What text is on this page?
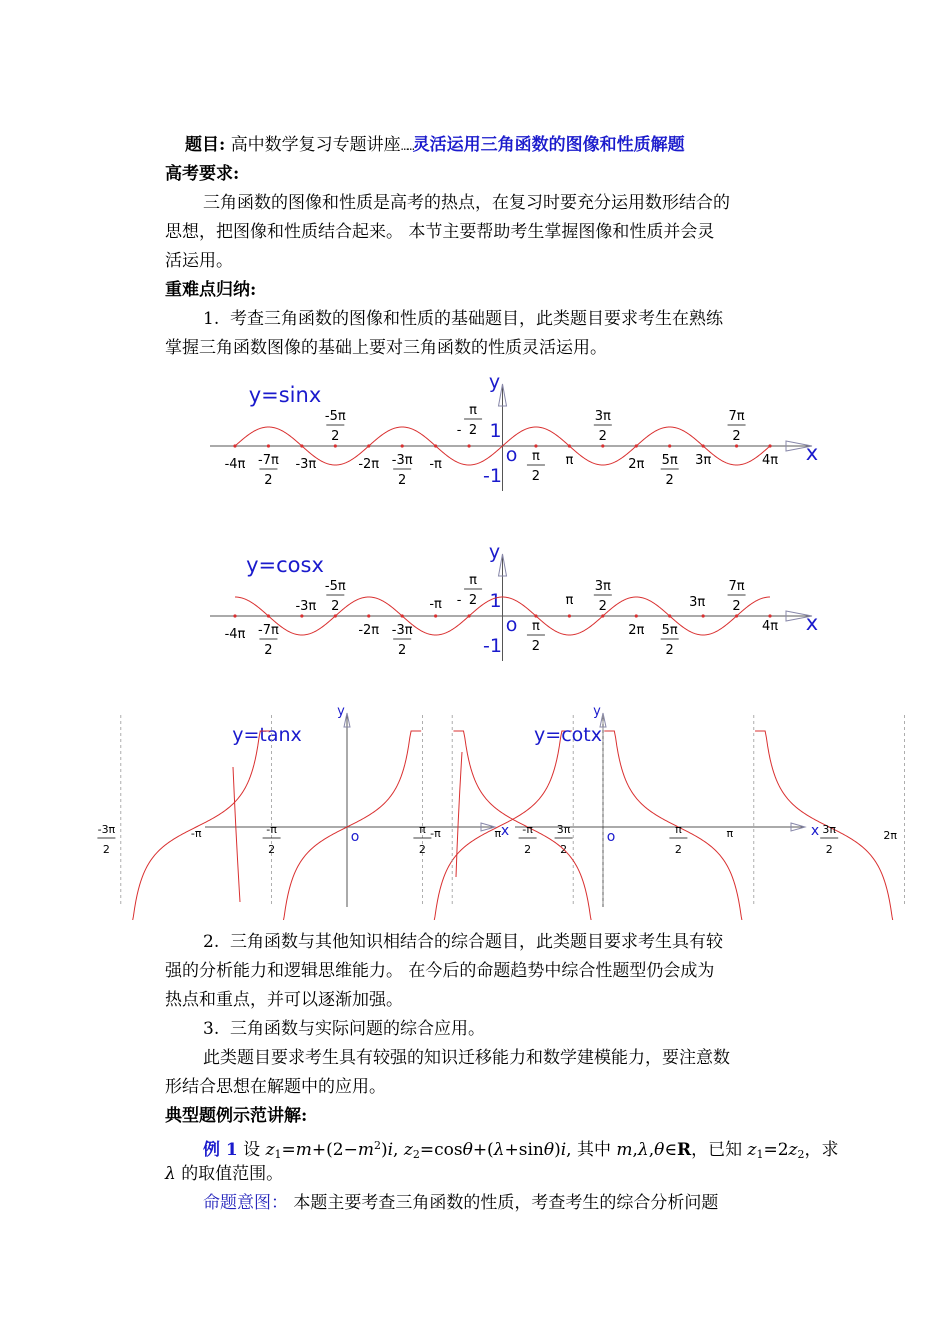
题目: 高中数学复习专题讲座……灵活运用三角函数的图像和性质解题
高考要求:
三角函数的图像和性质是高考的热点，在复习时要充分运用数形结合的
思想，把图像和性质结合起来。 本节主要帮助考生掌握图像和性质并会灵
活运用。
重难点归纳:
1. 考查三角函数的图像和性质的基础题目，此类题目要求考生在熟练
掌握三角函数图像的基础上要对三角函数的性质灵活运用。
y
x
o
1
-1
y=sinx
-4π -7π
2
-3π
-5π
2
-2π -3π
2
-π
π
2
-
π
2
π
3π
2
2π 5π
2
3π
7π
2
4π
y
x
o
1
-1
y=cosx
-4π -7π
2
-3π
-5π
2
-2π -3π
2
-π
π
2
-
π
2
π
3π
2
2π 5π
2
3π
7π
2
4π
x
y
o
y=tanx
-3π
2
-π	-π
2
π
2
π	3π
2
x
y
o
y=cotx
-π	-π
2
π
2
π	3π
2
2π
2. 三角函数与其他知识相结合的综合题目，此类题目要求考生具有较
强的分析能力和逻辑思维能力。 在今后的命题趋势中综合性题型仍会成为
热点和重点，并可以逐渐加强。
3. 三角函数与实际问题的综合应用。
此类题目要求考生具有较强的知识迁移能力和数学建模能力，要注意数
形结合思想在解题中的应用。
典型题例示范讲解:
例 1 设 $z_1=m+(2-m^2)i$, $z_2=\cos\theta+(\lambda+\sin\theta)i$, 其中 m,λ,θ∈R，已知 $z_1=2z_2$，求
λ 的取值范围。
命题意图： 本题主要考查三角函数的性质，考查考生的综合分析问题
